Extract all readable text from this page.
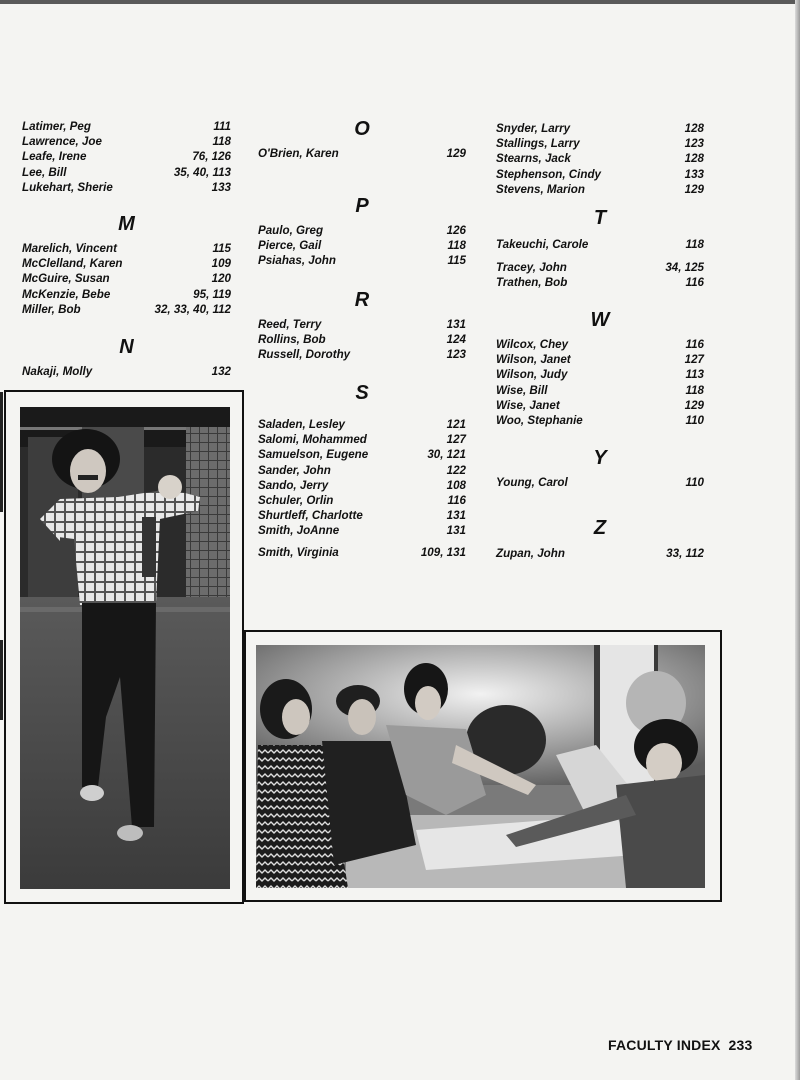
Latimer, Peg	111
Lawrence, Joe	118
Leafe, Irene	76, 126
Lee, Bill	35, 40, 113
Lukehart, Sherie	133
M
Marelich, Vincent	115
McClelland, Karen	109
McGuire, Susan	120
McKenzie, Bebe	95, 119
Miller, Bob	32, 33, 40, 112
N
Nakaji, Molly	132
O
O'Brien, Karen	129
P
Paulo, Greg	126
Pierce, Gail	118
Psiahas, John	115
R
Reed, Terry	131
Rollins, Bob	124
Russell, Dorothy	123
S
Saladen, Lesley	121
Salomi, Mohammed	127
Samuelson, Eugene	30, 121
Sander, John	122
Sando, Jerry	108
Schuler, Orlin	116
Shurtleff, Charlotte	131
Smith, JoAnne	131
Smith, Virginia	109, 131
Snyder, Larry	128
Stallings, Larry	123
Stearns, Jack	128
Stephenson, Cindy	133
Stevens, Marion	129
T
Takeuchi, Carole	118
Tracey, John	34, 125
Trathen, Bob	116
W
Wilcox, Chey	116
Wilson, Janet	127
Wilson, Judy	113
Wise, Bill	118
Wise, Janet	129
Woo, Stephanie	110
Y
Young, Carol	110
Z
Zupan, John	33, 112
FACULTY INDEX 233
